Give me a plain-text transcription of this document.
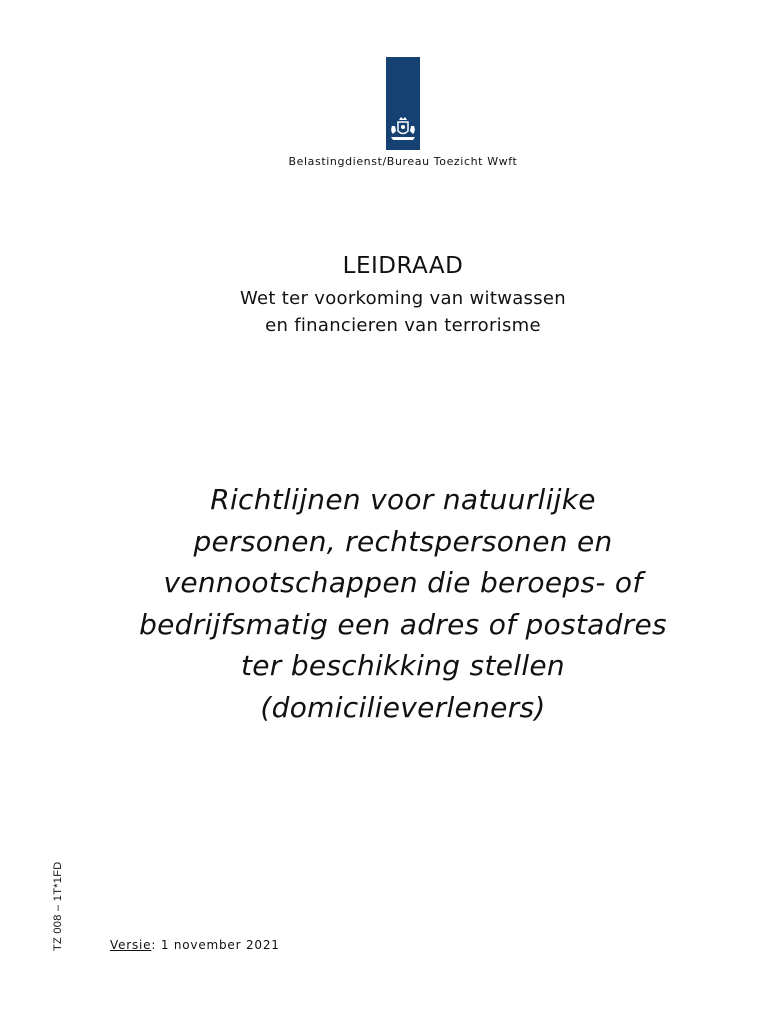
Belastingdienst/Bureau Toezicht Wwft
LEIDRAAD
Wet ter voorkoming van witwassen
en financieren van terrorisme
Richtlijnen voor natuurlijke
personen, rechtspersonen en
vennootschappen die beroeps- of
bedrijfsmatig een adres of postadres
ter beschikking stellen
(domicilieverleners)
TZ 008 – 1T*1FD	Versie: 1 november 2021
